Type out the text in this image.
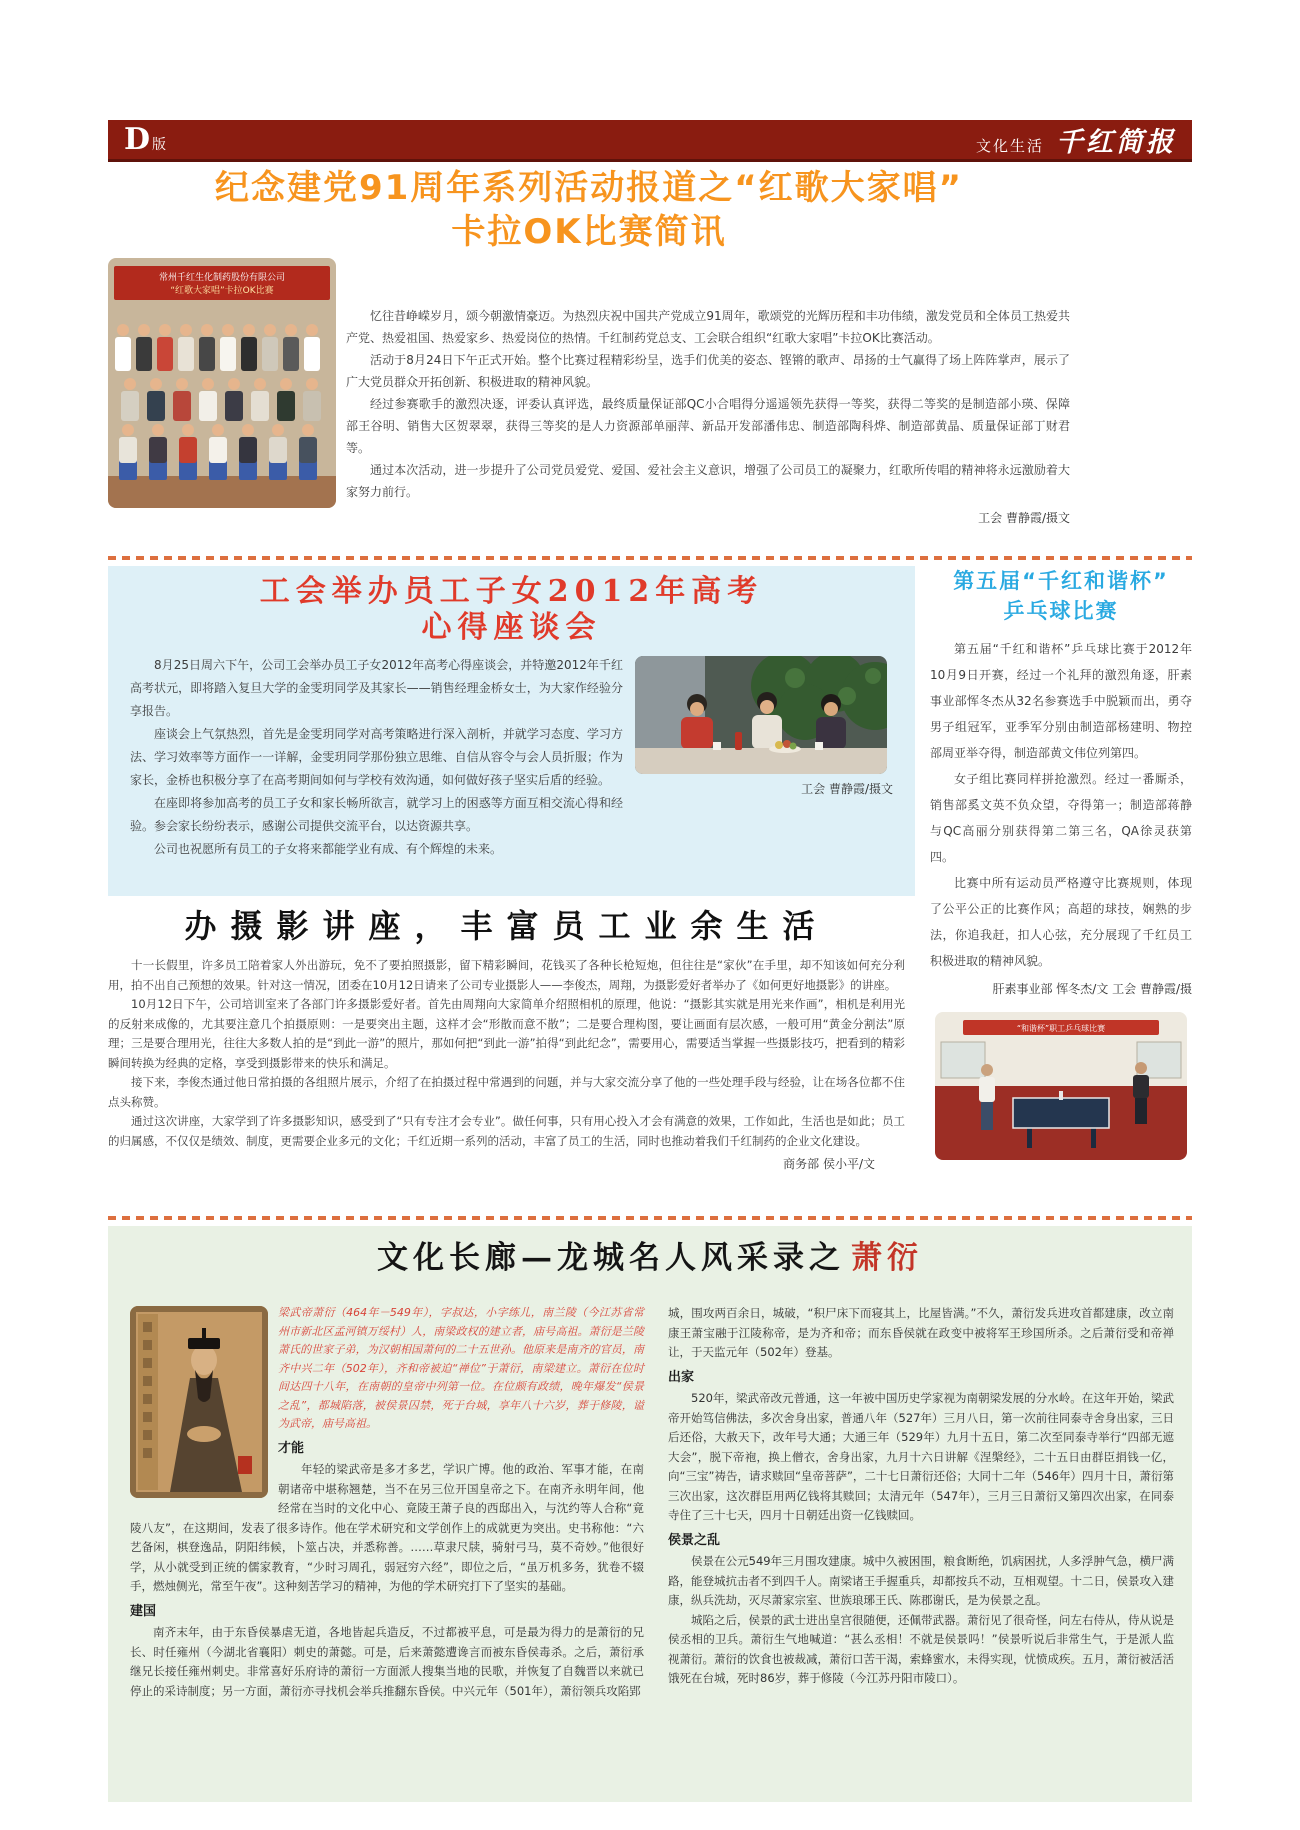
D版	文化生活 千红简报
纪念建党91周年系列活动报道之“红歌大家唱”
卡拉OK比赛简讯
常州千红生化制药股份有限公司
“红歌大家唱”卡拉OK比赛

忆往昔峥嵘岁月，颂今朝激情豪迈。为热烈庆祝中国共产党成立91周年，歌颂党的光辉历程和丰功伟绩，激发党员和全体员工热爱共产党、热爱祖国、热爱家乡、热爱岗位的热情。千红制药党总支、工会联合组织“红歌大家唱”卡拉OK比赛活动。

活动于8月24日下午正式开始。整个比赛过程精彩纷呈，选手们优美的姿态、铿锵的歌声、昂扬的士气赢得了场上阵阵掌声，展示了广大党员群众开拓创新、积极进取的精神风貌。

经过参赛歌手的激烈决逐，评委认真评选，最终质量保证部QC小合唱得分遥遥领先获得一等奖，获得二等奖的是制造部小瑛、保障部王谷明、销售大区贺翠翠，获得三等奖的是人力资源部单丽萍、新品开发部潘伟忠、制造部陶科烨、制造部黄晶、质量保证部丁财君等。

通过本次活动，进一步提升了公司党员爱党、爱国、爱社会主义意识，增强了公司员工的凝聚力，红歌所传唱的精神将永远激励着大家努力前行。

工会 曹静霞/摄文
工会举办员工子女2012年高考
心得座谈会
工会 曹静霞/摄文

8月25日周六下午，公司工会举办员工子女2012年高考心得座谈会，并特邀2012年千红高考状元，即将踏入复旦大学的金雯玥同学及其家长——销售经理金桥女士，为大家作经验分享报告。

座谈会上气氛热烈，首先是金雯玥同学对高考策略进行深入剖析，并就学习态度、学习方法、学习效率等方面作一一详解，金雯玥同学那份独立思维、自信从容令与会人员折服；作为家长，金桥也积极分享了在高考期间如何与学校有效沟通，如何做好孩子坚实后盾的经验。

在座即将参加高考的员工子女和家长畅所欲言，就学习上的困惑等方面互相交流心得和经验。参会家长纷纷表示，感谢公司提供交流平台，以达资源共享。

公司也祝愿所有员工的子女将来都能学业有成、有个辉煌的未来。

第五届“千红和谐杯”
乒乓球比赛

第五届“千红和谐杯”乒乓球比赛于2012年10月9日开赛，经过一个礼拜的激烈角逐，肝素事业部恽冬杰从32名参赛选手中脱颖而出，勇夺男子组冠军，亚季军分别由制造部杨建明、物控部周亚举夺得，制造部黄文伟位列第四。

女子组比赛同样拼抢激烈。经过一番厮杀，销售部奚文英不负众望，夺得第一；制造部蒋静与QC高丽分别获得第二第三名，QA徐灵获第四。

比赛中所有运动员严格遵守比赛规则，体现了公平公正的比赛作风；高超的球技，娴熟的步法，你追我赶，扣人心弦，充分展现了千红员工积极进取的精神风貌。

肝素事业部 恽冬杰/文 工会 曹静霞/摄
“和谐杯”职工乒乓球比赛
办摄影讲座，丰富员工业余生活

十一长假里，许多员工陪着家人外出游玩，免不了要拍照摄影，留下精彩瞬间，花钱买了各种长枪短炮，但往往是“家伙”在手里，却不知该如何充分利用，拍不出自己预想的效果。针对这一情况，团委在10月12日请来了公司专业摄影人——李俊杰，周翔，为摄影爱好者举办了《如何更好地摄影》的讲座。

10月12日下午，公司培训室来了各部门许多摄影爱好者。首先由周翔向大家简单介绍照相机的原理，他说：“摄影其实就是用光来作画”，相机是利用光的反射来成像的，尤其要注意几个拍摄原则：一是要突出主题，这样才会“形散而意不散”；二是要合理构图，要让画面有层次感，一般可用“黄金分割法”原理；三是要合理用光，往往大多数人拍的是“到此一游”的照片，那如何把“到此一游”拍得“到此纪念”，需要用心，需要适当掌握一些摄影技巧，把看到的精彩瞬间转换为经典的定格，享受到摄影带来的快乐和满足。

接下来，李俊杰通过他日常拍摄的各组照片展示，介绍了在拍摄过程中常遇到的问题，并与大家交流分享了他的一些处理手段与经验，让在场各位都不住点头称赞。

通过这次讲座，大家学到了许多摄影知识，感受到了“只有专注才会专业”。做任何事，只有用心投入才会有满意的效果，工作如此，生活也是如此；员工的归属感，不仅仅是绩效、制度，更需要企业多元的文化；千红近期一系列的活动，丰富了员工的生活，同时也推动着我们千红制药的企业文化建设。

商务部 侯小平/文
文化长廊—龙城名人风采录之 萧衍

梁武帝萧衍（464年－549年），字叔达，小字练儿，南兰陵（今江苏省常州市新北区孟河镇万绥村）人，南梁政权的建立者，庙号高祖。萧衍是兰陵萧氏的世家子弟，为汉朝相国萧何的二十五世孙。他原来是南齐的官员，南齐中兴二年（502年），齐和帝被迫“禅位”于萧衍，南梁建立。萧衍在位时间达四十八年，在南朝的皇帝中列第一位。在位颇有政绩，晚年爆发“侯景之乱”，都城陷落，被侯景囚禁，死于台城，享年八十六岁，葬于修陵，谥为武帝，庙号高祖。

才能

年轻的梁武帝是多才多艺，学识广博。他的政治、军事才能，在南朝诸帝中堪称翘楚，当不在另三位开国皇帝之下。在南齐永明年间，他经常在当时的文化中心、竟陵王萧子良的西邸出入，与沈约等人合称“竟陵八友”，在这期间，发表了很多诗作。他在学术研究和文学创作上的成就更为突出。史书称他：“六艺备闲，棋登逸品，阴阳纬候，卜筮占决，并悉称善。……草隶尺牍，骑射弓马，莫不奇妙。”他很好学，从小就受到正统的儒家教育，“少时习周孔，弱冠穷六经”，即位之后，“虽万机多务，犹卷不辍手，燃烛侧光，常至午夜”。这种刻苦学习的精神，为他的学术研究打下了坚实的基础。

建国

南齐末年，由于东昏侯暴虐无道，各地皆起兵造反，不过都被平息，可是最为得力的是萧衍的兄长、时任雍州（今湖北省襄阳）刺史的萧懿。可是，后来萧懿遭谗言而被东昏侯毒杀。之后，萧衍承继兄长接任雍州刺史。非常喜好乐府诗的萧衍一方面派人搜集当地的民歌，并恢复了自魏晋以来就已停止的采诗制度；另一方面，萧衍亦寻找机会举兵推翻东昏侯。中兴元年（501年），萧衍领兵攻陷郢

城，围攻两百余日，城破，“积尸床下而寝其上，比屋皆满。”不久，萧衍发兵进攻首都建康，改立南康王萧宝融于江陵称帝，是为齐和帝；而东昏侯就在政变中被将军王珍国所杀。之后萧衍受和帝禅让，于天监元年（502年）登基。

出家

520年，梁武帝改元普通，这一年被中国历史学家视为南朝梁发展的分水岭。在这年开始，梁武帝开始笃信佛法，多次舍身出家，普通八年（527年）三月八日，第一次前往同泰寺舍身出家，三日后还俗，大赦天下，改年号大通；大通三年（529年）九月十五日，第二次至同泰寺举行“四部无遮大会”，脱下帝袍，换上僧衣，舍身出家，九月十六日讲解《涅槃经》，二十五日由群臣捐钱一亿，向“三宝”祷告，请求赎回“皇帝菩萨”，二十七日萧衍还俗；大同十二年（546年）四月十日，萧衍第三次出家，这次群臣用两亿钱将其赎回；太清元年（547年），三月三日萧衍又第四次出家，在同泰寺住了三十七天，四月十日朝廷出资一亿钱赎回。

侯景之乱

侯景在公元549年三月围攻建康。城中久被困围，粮食断绝，饥病困扰，人多浮肿气急，横尸满路，能登城抗击者不到四千人。南梁诸王手握重兵，却都按兵不动，互相观望。十二日，侯景攻入建康，纵兵洗劫，灭尽萧家宗室、世族琅琊王氏、陈郡谢氏，是为侯景之乱。

城陷之后，侯景的武士进出皇宫很随便，还佩带武器。萧衍见了很奇怪，问左右侍从，侍从说是侯丞相的卫兵。萧衍生气地喊道：“甚么丞相！不就是侯景吗！”侯景听说后非常生气，于是派人监视萧衍。萧衍的饮食也被裁减，萧衍口苦干渴，索蜂蜜水，未得实现，忧愤成疾。五月，萧衍被活活饿死在台城，死时86岁，葬于修陵（今江苏丹阳市陵口）。
